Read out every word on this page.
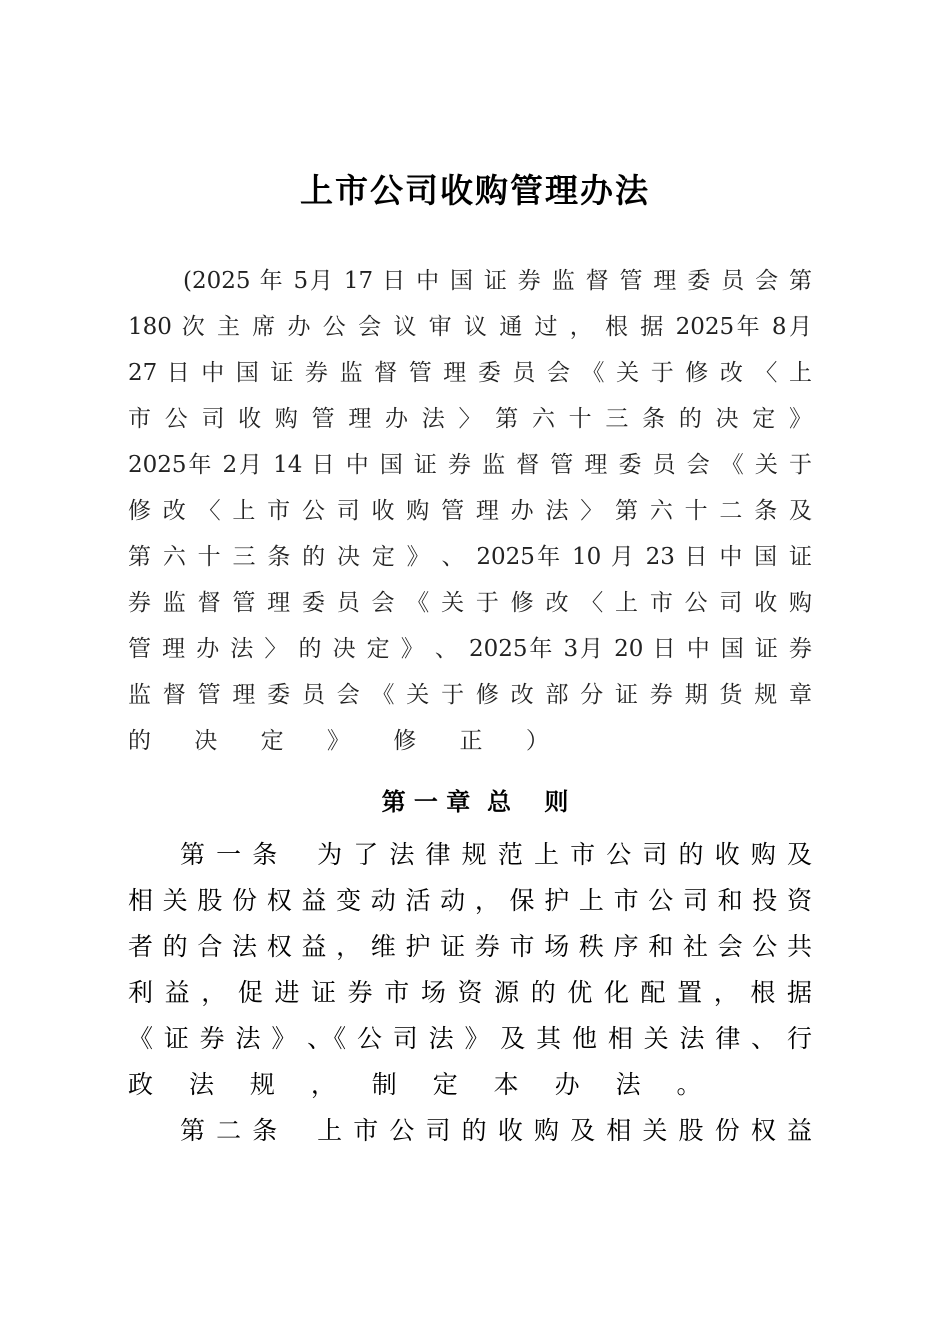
上市公司收购管理办法
(2025 年 5月 17 日 中 国 证 券 监 督 管 理 委 员 会 第
180 次 主 席 办 公 会 议 审 议 通 过 ， 根 据 2025年 8月
27 日 中 国 证 券 监 督 管 理 委 员 会 《 关 于 修 改 〈 上
市 公 司 收 购 管 理 办 法 〉 第 六 十 三 条 的 决 定 》
2025年 2月 14 日 中 国 证 券 监 督 管 理 委 员 会 《 关 于
修 改 〈 上 市 公 司 收 购 管 理 办 法 〉 第 六 十 二 条 及
第 六 十 三 条 的 决 定 》 、 2025年 10 月 23 日 中 国 证
券 监 督 管 理 委 员 会 《 关 于 修 改 〈 上 市 公 司 收 购
管 理 办 法 〉 的 决 定 》 、 2025年 3月 20 日 中 国 证 券
监 督 管 理 委 员 会 《 关 于 修 改 部 分 证 券 期 货 规 章
的 决 定 》 修 正 ）
第 一 章  总    则
第 一 条    为 了 法 律 规 范 上 市 公 司 的 收 购 及
相 关 股 份 权 益 变 动 活 动 ， 保 护 上 市 公 司 和 投 资
者 的 合 法 权 益 ， 维 护 证 券 市 场 秩 序 和 社 会 公 共
利 益 ， 促 进 证 券 市 场 资 源 的 优 化 配 置 ， 根 据
《 证 券 法 》 、《 公 司 法 》 及 其 他 相 关 法 律 、 行
政 法 规 ， 制 定 本 办 法 。
第 二 条    上 市 公 司 的 收 购 及 相 关 股 份 权 益
